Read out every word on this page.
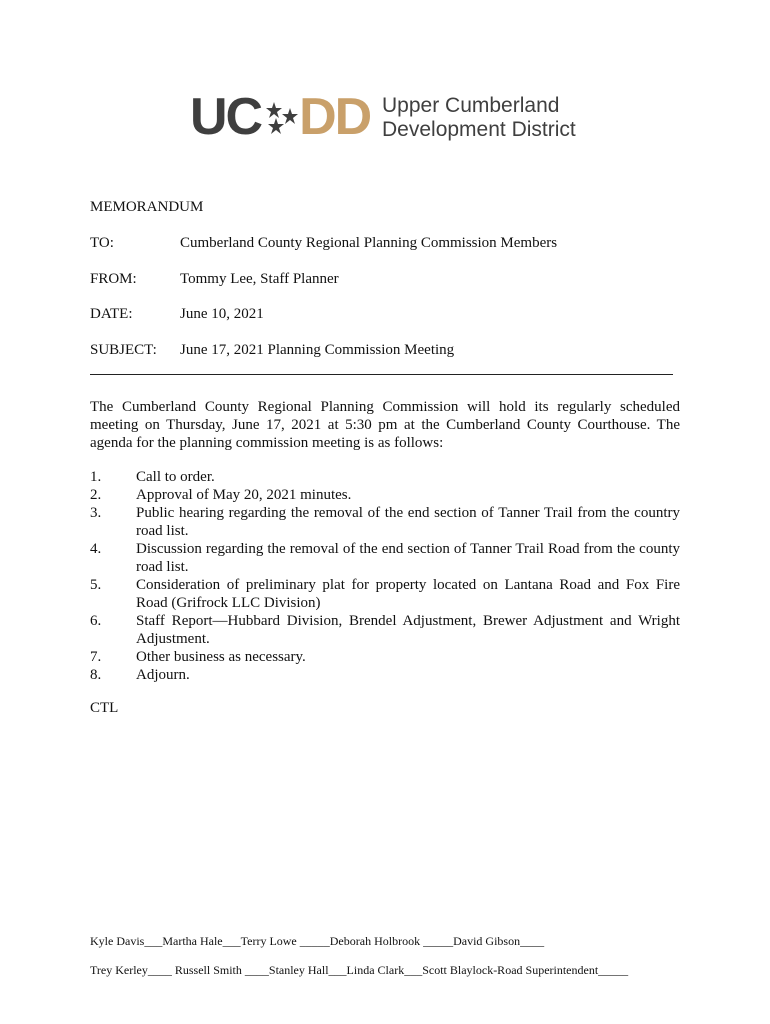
UC DD Upper Cumberland
Development District
MEMORANDUM
TO:	Cumberland County Regional Planning Commission Members
FROM:	Tommy Lee, Staff Planner
DATE:	June 10, 2021
SUBJECT: June 17, 2021 Planning Commission Meeting
The Cumberland County Regional Planning Commission will hold its regularly scheduled meeting on Thursday, June 17, 2021 at 5:30 pm at the Cumberland County Courthouse. The agenda for the planning commission meeting is as follows:
1. Call to order.
2. Approval of May 20, 2021 minutes.
3. Public hearing regarding the removal of the end section of Tanner Trail from the country road list.
4. Discussion regarding the removal of the end section of Tanner Trail Road from the county road list.
5. Consideration of preliminary plat for property located on Lantana Road and Fox Fire Road (Grifrock LLC Division)
6. Staff Report—Hubbard Division, Brendel Adjustment, Brewer Adjustment and Wright Adjustment.
7. Other business as necessary.
8. Adjourn.
CTL
Kyle Davis___Martha Hale___Terry Lowe _____Deborah Holbrook _____David Gibson____
Trey Kerley____ Russell Smith ____Stanley Hall___Linda Clark___Scott Blaylock-Road Superintendent_____
